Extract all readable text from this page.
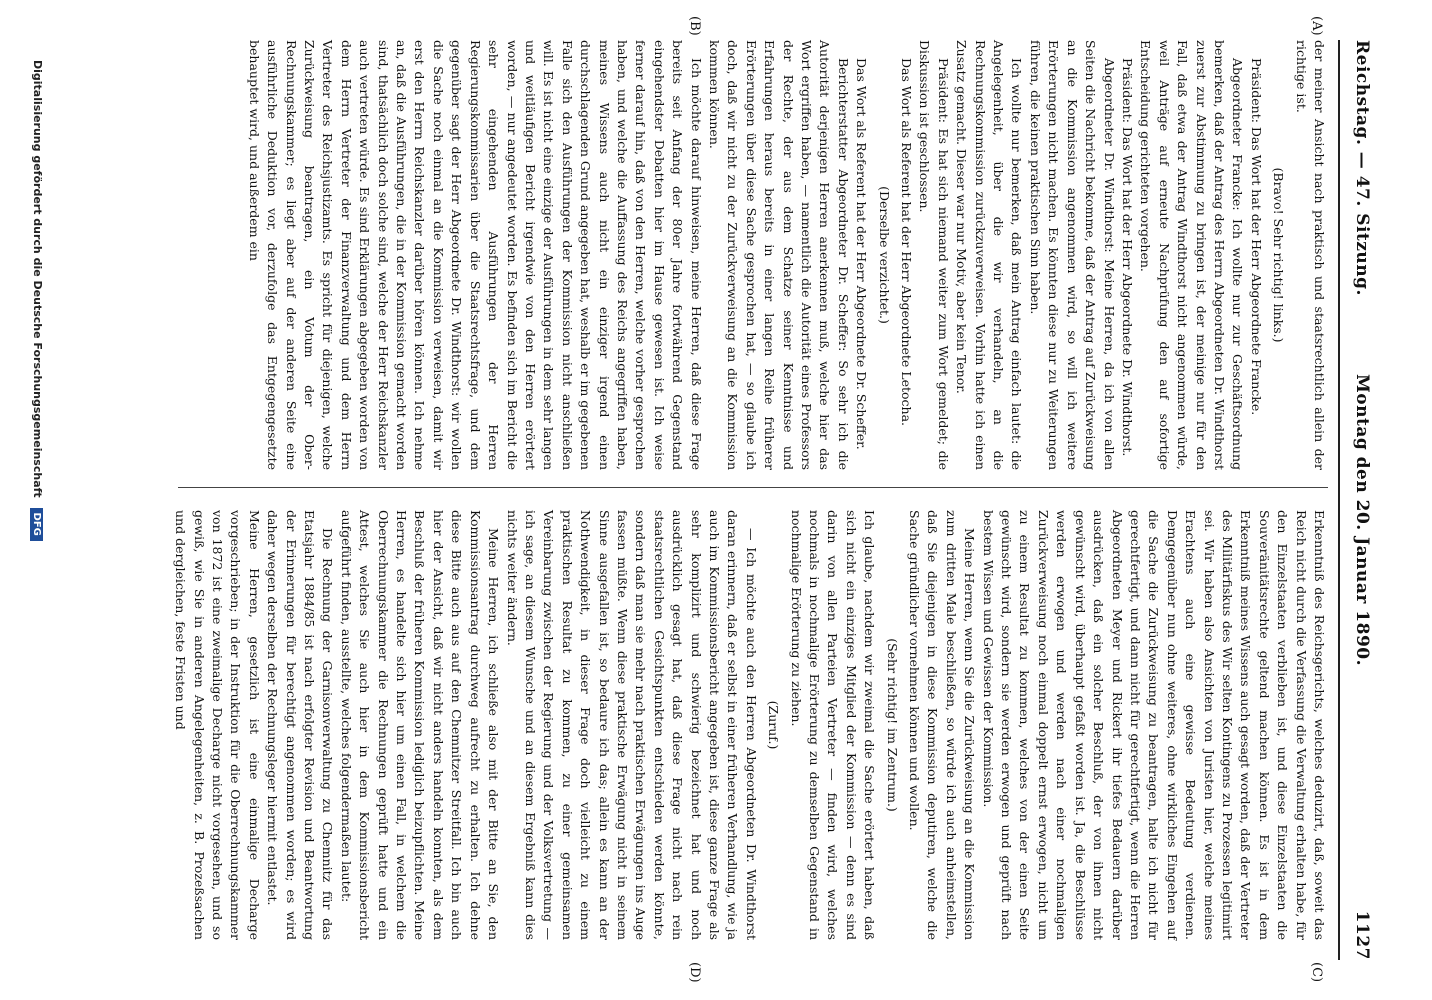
Reichstag. — 47. Sitzung.
Montag den 20. Januar 1890.
1127
(A)
(B)
(C)
(D)

der meiner Ansicht nach praktisch und staatsrechtlich allein der richtige ist.

(Bravo! Sehr richtig! links.)

Präsident: Das Wort hat der Herr Abgeordnete Francke.

Abgeordneter Francke: Ich wollte nur zur Geschäftsordnung bemerken, daß der Antrag des Herrn Abgeordneten Dr. Windthorst zuerst zur Abstimmung zu bringen ist, der meinige nur für den Fall, daß etwa der Antrag Windthorst nicht angenommen würde, weil Anträge auf erneute Nachprüfung den auf sofortige Entscheidung gerichteten vorgehen.

Präsident: Das Wort hat der Herr Abgeordnete Dr. Windthorst.

Abgeordneter Dr. Windthorst: Meine Herren, da ich von allen Seiten die Nachricht bekomme, daß der Antrag auf Zurückweisung an die Kommission angenommen wird, so will ich weitere Erörterungen nicht machen. Es könnten diese nur zu Weiterungen führen, die keinen praktischen Sinn haben.

Ich wollte nur bemerken, daß mein Antrag einfach lautet: die Angelegenheit, über die wir verhandeln, an die Rechnungskommission zurückzuverweisen. Vorhin hatte ich einen Zusatz gemacht. Dieser war nur Motiv, aber kein Tenor.

Präsident: Es hat sich niemand weiter zum Wort gemeldet; die Diskussion ist geschlossen.

Das Wort als Referent hat der Herr Abgeordnete Letocha.

(Derselbe verzichtet.)

Das Wort als Referent hat der Herr Abgeordnete Dr. Scheffer.

Berichterstatter Abgeordneter Dr. Scheffer: So sehr ich die Autorität derjenigen Herren anerkennen muß, welche hier das Wort ergriffen haben, — namentlich die Autorität eines Professors der Rechte, der aus dem Schatze seiner Kenntnisse und Erfahrungen heraus bereits in einer langen Reihe früherer Erörterungen über diese Sache gesprochen hat, — so glaube ich doch, daß wir nicht zu der Zurückverweisung an die Kommission kommen können.

Ich möchte darauf hinweisen, meine Herren, daß diese Frage bereits seit Anfang der 80er Jahre fortwährend Gegenstand eingehendster Debatten hier im Hause gewesen ist. Ich weise ferner darauf hin, daß von den Herren, welche vorher gesprochen haben, und welche die Auffassung des Reichs angegriffen haben, meines Wissens auch nicht ein einziger irgend einen durchschlagenden Grund angegeben hat, weshalb er im gegebenen Falle sich den Ausführungen der Kommission nicht anschließen will. Es ist nicht eine einzige der Ausführungen in dem sehr langen und weitläufigen Bericht irgendwie von den Herren erörtert worden, — nur angedeutet worden. Es befinden sich im Bericht die sehr eingehenden Ausführungen der Herren Regierungskommissarien über die Staatsrechtsfrage, und dem gegenüber sagt der Herr Abgeordnete Dr. Windthorst: wir wollen die Sache noch einmal an die Kommission verweisen, damit wir erst den Herrn Reichskanzler darüber hören können. Ich nehme an, daß die Ausführungen, die in der Kommission gemacht worden sind, thatsächlich doch solche sind, welche der Herr Reichskanzler auch vertreten würde. Es sind Erklärungen abgegeben worden von dem Herrn Vertreter der Finanzverwaltung und dem Herrn Vertreter des Reichsjustizamts. Es spricht für diejenigen, welche Zurückweisung beantragen, ein Votum der Ober-Rechnungskammer; es liegt aber auf der anderen Seite eine ausführliche Deduktion vor, derzufolge das Entgegengesetzte behauptet wird, und außerdem ein

Erkenntniß des Reichsgerichts, welches deduzirt, daß, soweit das Reich nicht durch die Verfassung die Verwaltung erhalten habe, für den Einzelstaaten verblieben ist, und diese Einzelstaaten die Souveränitätsrechte geltend machen können. Es ist in dem Erkenntniß meines Wissens auch gesagt worden, daß der Vertreter des Militärfiskus des Wir selten Kontingens zu Prozessen legitimirt sei. Wir haben also Ansichten von Juristen hier, welche meines Erachtens auch eine gewisse Bedeutung verdienen. Demgegenüber nun ohne weiteres, ohne wirkliches Eingehen auf die Sache die Zurückweisung zu beantragen, halte ich nicht für gerechtfertigt, und dann nicht für gerechtfertigt, wenn die Herren Abgeordneten Meyer und Rickert ihr tiefes Bedauern darüber ausdrücken, daß ein solcher Beschluß, der von ihnen nicht gewünscht wird, überhaupt gefaßt worden ist. Ja, die Beschlüsse werden erwogen und werden nach einer nochmaligen Zurückverweisung noch einmal doppelt ernst erwogen, nicht um zu einem Resultat zu kommen, welches von der einen Seite gewünscht wird, sondern sie werden erwogen und geprüft nach bestem Wissen und Gewissen der Kommission.

Meine Herren, wenn Sie die Zurückweisung an die Kommission zum dritten Male beschließen, so würde ich auch anheimstellen, daß Sie diejenigen in diese Kommission deputiren, welche die Sache gründlicher vornehmen können und wollen.

(Sehr richtig! im Zentrum.)

Ich glaube, nachdem wir zweimal die Sache erörtert haben, daß sich nicht ein einziges Mitglied der Kommission — denn es sind darin von allen Parteien Vertreter — finden wird, welches nochmals in nochmalige Erörterung zu demselben Gegenstand in nochmalige Erörterung zu ziehen.

(Zuruf.)

— Ich möchte auch den Herren Abgeordneten Dr. Windthorst daran erinnern, daß er selbst in einer früheren Verhandlung, wie ja auch im Kommissionsbericht angegeben ist, diese ganze Frage als sehr komplizirt und schwierig bezeichnet hat und noch ausdrücklich gesagt hat, daß diese Frage nicht nach rein staatsrechtlichen Gesichtspunkten entschieden werden könnte, sondern daß man sie mehr nach praktischen Erwägungen ins Auge fassen müßte. Wenn diese praktische Erwägung nicht in seinem Sinne ausgefallen ist, so bedaure ich das; allein es kann an der Nothwendigkeit, in dieser Frage doch vielleicht zu einem praktischen Resultat zu kommen, zu einer gemeinsamen Vereinbarung zwischen der Regierung und der Volksvertretung — ich sage, an diesem Wunsche und an diesem Ergebniß kann dies nichts weiter ändern.

Meine Herren, ich schließe also mit der Bitte an Sie, den Kommissionsantrag durchweg aufrecht zu erhalten. Ich dehne diese Bitte auch aus auf den Chemnitzer Streitfall. Ich bin auch hier der Ansicht, daß wir nicht anders handeln konnten, als dem Beschluß der früheren Kommission lediglich beizupflichten. Meine Herren, es handelte sich hier um einen Fall, in welchem die Oberrechnungskammer die Rechnungen geprüft hatte und ein Attest, welches Sie auch hier in dem Kommissionsbericht aufgeführt finden, ausstellte, welches folgendermaßen lautet:

Die Rechnung der Garnisonverwaltung zu Chemnitz für das Etatsjahr 1884/85 ist nach erfolgter Revision und Beantwortung der Erinnerungen für berechtigt angenommen worden; es wird daher wegen derselben der Rechnungsleger hiermit entlastet.

Meine Herren, gesetzlich ist eine einmalige Decharge vorgeschrieben; in der Instruktion für die Oberrechnungskammer von 1872 ist eine zweimalige Decharge nicht vorgesehen, und so gewiß, wie Sie in anderen Angelegenheiten, z. B. Prozeßsachen und dergleichen, feste Fristen und

Digitalisierung gefördert durch die Deutsche Forschungsgemeinschaft DFG
